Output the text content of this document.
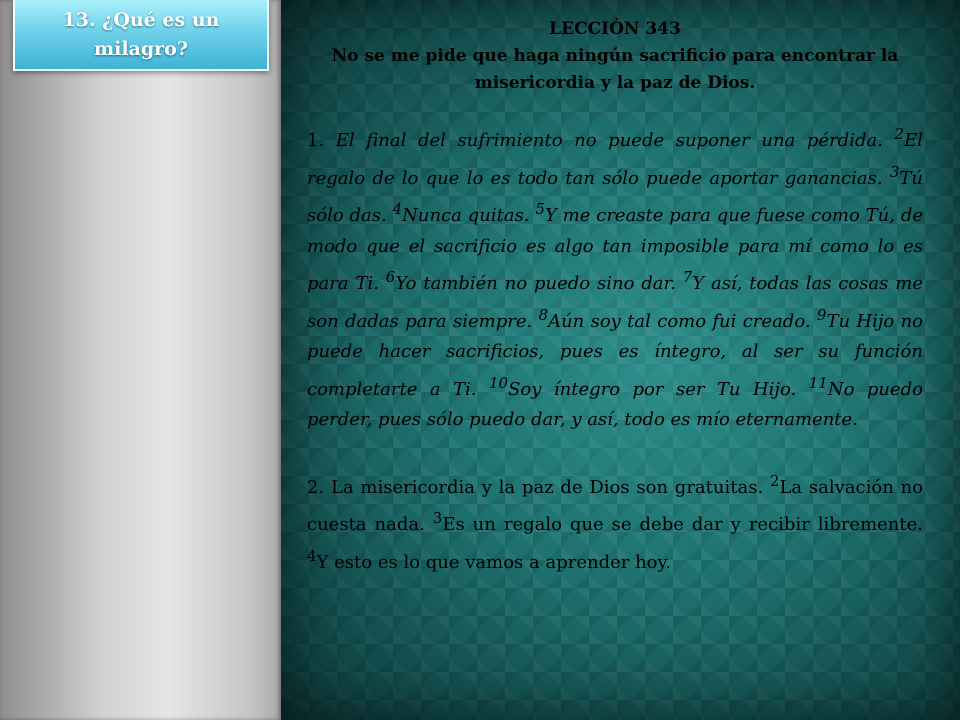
13. ¿Qué es un milagro?

LECCIÓN 343

No se me pide que haga ningún sacrificio para encontrar la misericordia y la paz de Dios.

1. El final del sufrimiento no puede suponer una pérdida. $^2$El regalo de lo que lo es todo tan sólo puede aportar ganancias. $^3$Tú sólo das. $^4$Nunca quitas. $^5$Y me creaste para que fuese como Tú, de modo que el sacrificio es algo tan imposible para mí como lo es para Ti. $^6$Yo también no puedo sino dar. $^7$Y así, todas las cosas me son dadas para siempre. $^8$Aún soy tal como fui creado. $^9$Tu Hijo no puede hacer sacrificios, pues es íntegro, al ser su función completarte a Ti. $^{10}$Soy íntegro por ser Tu Hijo. $^{11}$No puedo perder, pues sólo puedo dar, y así, todo es mío eternamente.

2. La misericordia y la paz de Dios son gratuitas. $^2$La salvación no cuesta nada. $^3$Es un regalo que se debe dar y recibir libremente. $^4$Y esto es lo que vamos a aprender hoy.
